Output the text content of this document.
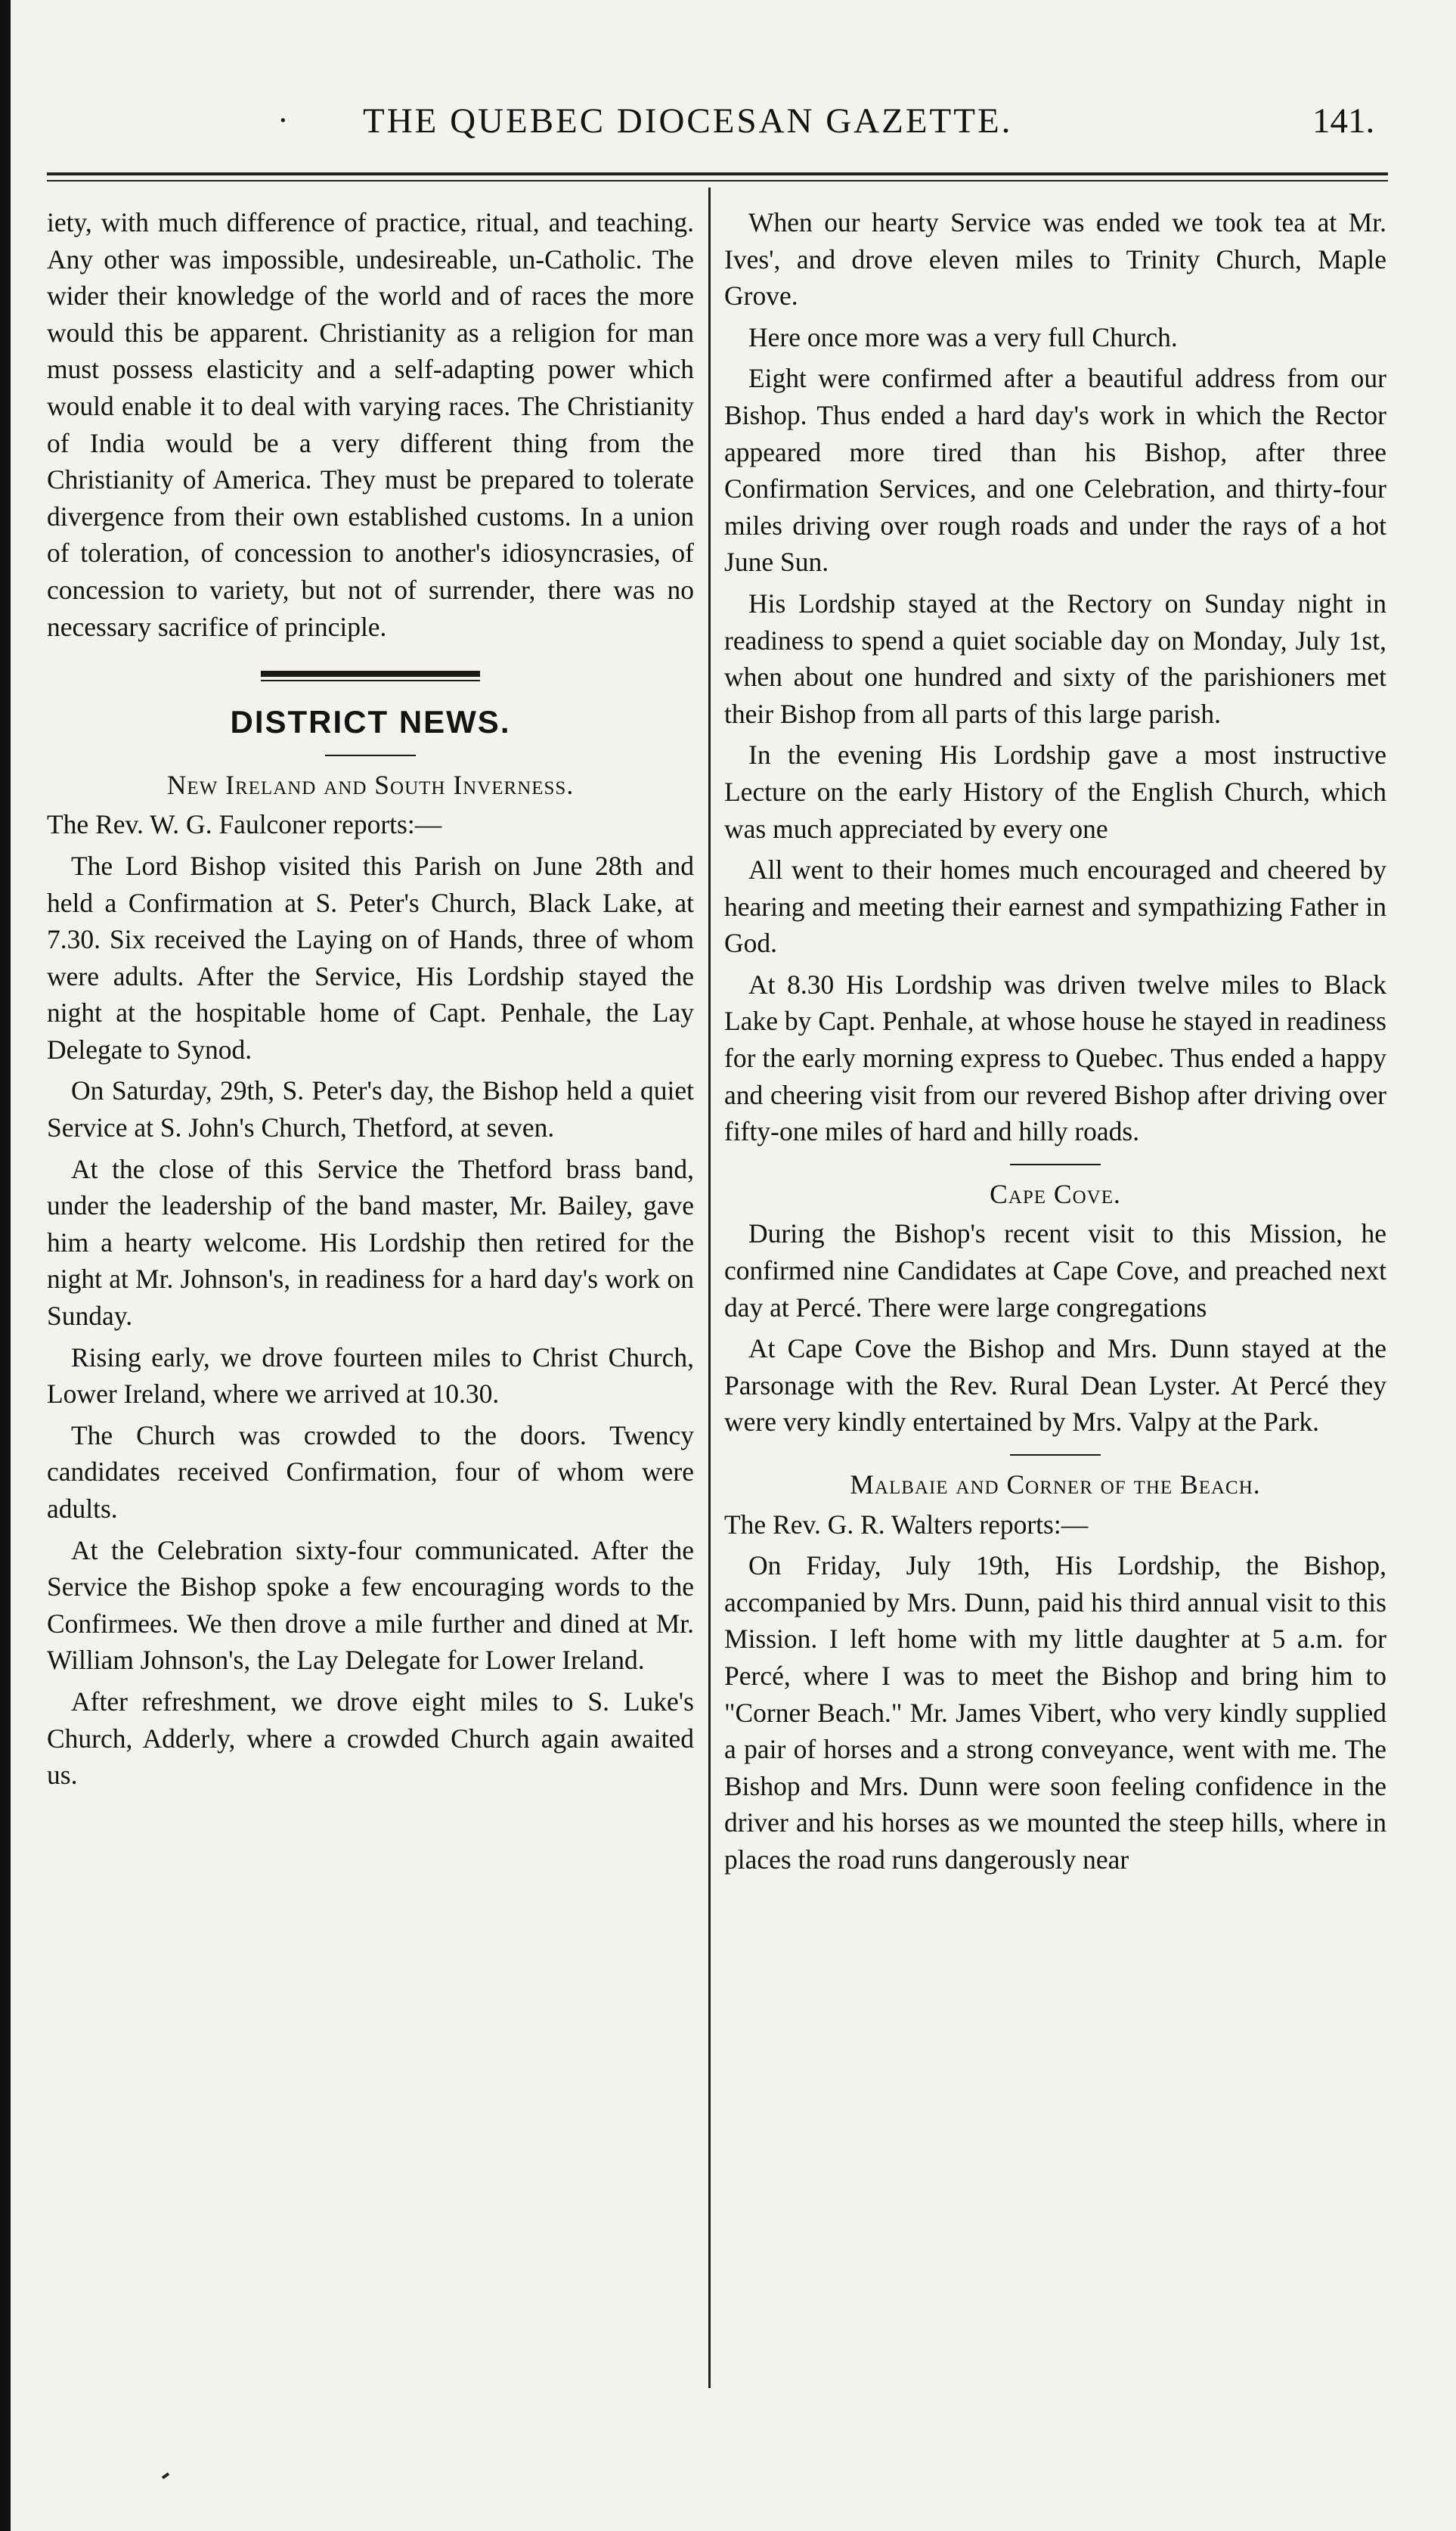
· THE QUEBEC DIOCESAN GAZETTE.	141.

iety, with much difference of practice, ritual, and teaching. Any other was impossible, undesireable, un-Catholic. The wider their knowledge of the world and of races the more would this be apparent. Christianity as a religion for man must possess elasticity and a self-adapting power which would enable it to deal with varying races. The Christianity of India would be a very different thing from the Christianity of America. They must be prepared to tolerate divergence from their own established customs. In a union of toleration, of concession to another's idiosyncrasies, of concession to variety, but not of surrender, there was no necessary sacrifice of principle.

DISTRICT NEWS.
New Ireland and South Inverness.

The Rev. W. G. Faulconer reports:—

The Lord Bishop visited this Parish on June 28th and held a Confirmation at S. Peter's Church, Black Lake, at 7.30. Six received the Laying on of Hands, three of whom were adults. After the Service, His Lordship stayed the night at the hospitable home of Capt. Penhale, the Lay Delegate to Synod.

On Saturday, 29th, S. Peter's day, the Bishop held a quiet Service at S. John's Church, Thetford, at seven.

At the close of this Service the Thetford brass band, under the leadership of the band master, Mr. Bailey, gave him a hearty welcome. His Lordship then retired for the night at Mr. Johnson's, in readiness for a hard day's work on Sunday.

Rising early, we drove fourteen miles to Christ Church, Lower Ireland, where we arrived at 10.30.

The Church was crowded to the doors. Twency candidates received Confirmation, four of whom were adults.

At the Celebration sixty-four communicated. After the Service the Bishop spoke a few encouraging words to the Confirmees. We then drove a mile further and dined at Mr. William Johnson's, the Lay Delegate for Lower Ireland.

After refreshment, we drove eight miles to S. Luke's Church, Adderly, where a crowded Church again awaited us.

When our hearty Service was ended we took tea at Mr. Ives', and drove eleven miles to Trinity Church, Maple Grove.

Here once more was a very full Church.

Eight were confirmed after a beautiful address from our Bishop. Thus ended a hard day's work in which the Rector appeared more tired than his Bishop, after three Confirmation Services, and one Celebration, and thirty-four miles driving over rough roads and under the rays of a hot June Sun.

His Lordship stayed at the Rectory on Sunday night in readiness to spend a quiet sociable day on Monday, July 1st, when about one hundred and sixty of the parishioners met their Bishop from all parts of this large parish.

In the evening His Lordship gave a most instructive Lecture on the early History of the English Church, which was much appreciated by every one

All went to their homes much encouraged and cheered by hearing and meeting their earnest and sympathizing Father in God.

At 8.30 His Lordship was driven twelve miles to Black Lake by Capt. Penhale, at whose house he stayed in readiness for the early morning express to Quebec. Thus ended a happy and cheering visit from our revered Bishop after driving over fifty-one miles of hard and hilly roads.

Cape Cove.

During the Bishop's recent visit to this Mission, he confirmed nine Candidates at Cape Cove, and preached next day at Percé. There were large congregations

At Cape Cove the Bishop and Mrs. Dunn stayed at the Parsonage with the Rev. Rural Dean Lyster. At Percé they were very kindly entertained by Mrs. Valpy at the Park.

Malbaie and Corner of the Beach.

The Rev. G. R. Walters reports:—

On Friday, July 19th, His Lordship, the Bishop, accompanied by Mrs. Dunn, paid his third annual visit to this Mission. I left home with my little daughter at 5 a.m. for Percé, where I was to meet the Bishop and bring him to "Corner Beach." Mr. James Vibert, who very kindly supplied a pair of horses and a strong conveyance, went with me. The Bishop and Mrs. Dunn were soon feeling confidence in the driver and his horses as we mounted the steep hills, where in places the road runs dangerously near
